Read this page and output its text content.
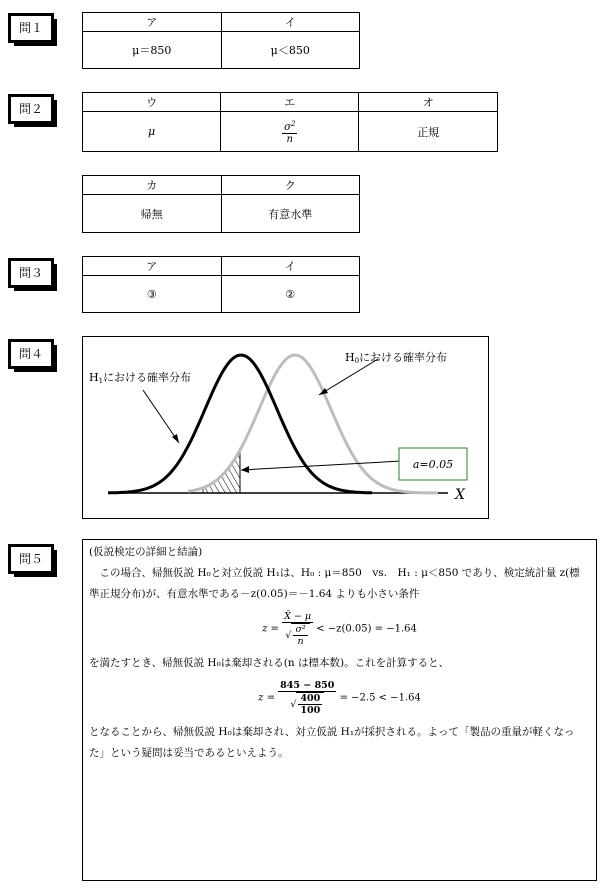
問１	ア	イ
μ＝850	μ＜850
問２	ウ	エ	オ
μ	$\frac{\sigma^2}{n}$	正規
カ	ク
帰無	有意水準
問３	ア	イ
③	②
問４
H1における確率分布
H0における確率分布
a=0.05
X
問５	(仮説検定の詳細と結論)

この場合、帰無仮説 H₀と対立仮説 H₁は、H₀ : μ＝850　vs.　H₁ : μ＜850 であり、検定統計量 z(標準正規分布)が、有意水準である－z(0.05)＝－1.64 よりも小さい条件

$z = \frac{X̄ - \mu}{√ \frac{\text{σ²}}{n}} < -z(0.05) = -1.64$

を満たすとき、帰無仮説 H₀は棄却される(n は標本数)。これを計算すると、

$z = \frac{845 - 850}{√ \frac{400}{100}} = -2.5 < -1.64$

となることから、帰無仮説 H₀は棄却され、対立仮説 H₁が採択される。よって「製品の重量が軽くなった」という疑問は妥当であるといえよう。
